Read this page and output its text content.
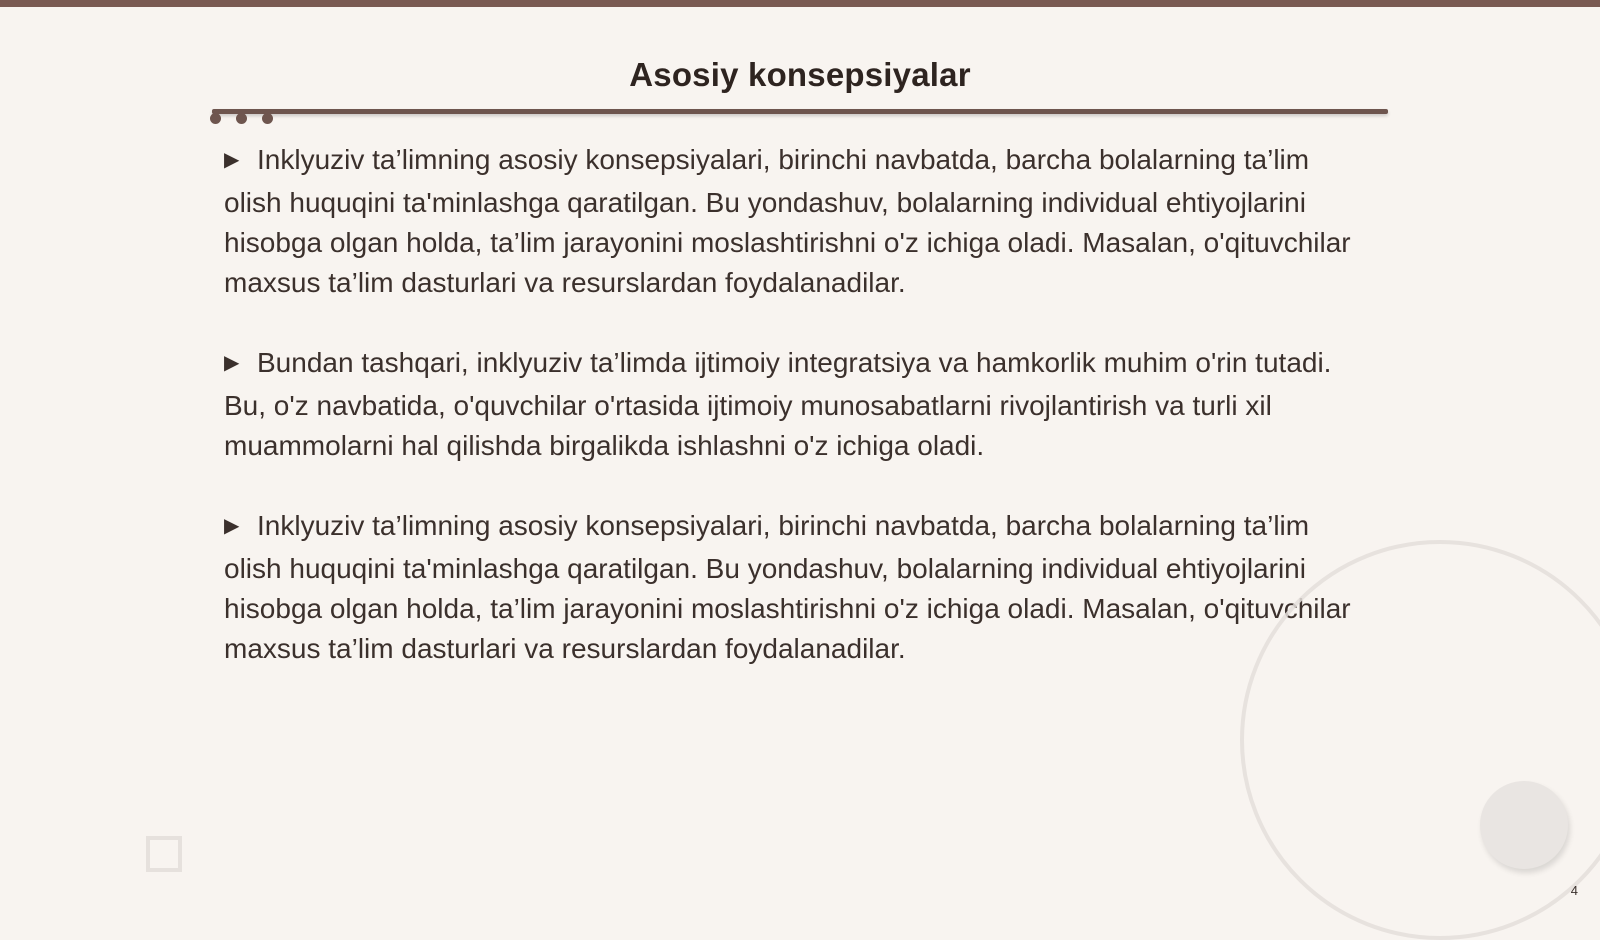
Asosiy konsepsiyalar

▶ Inklyuziv ta’limning asosiy konsepsiyalari, birinchi navbatda, barcha bolalarning ta’lim olish huquqini ta'minlashga qaratilgan. Bu yondashuv, bolalarning individual ehtiyojlarini hisobga olgan holda, ta’lim jarayonini moslashtirishni o'z ichiga oladi. Masalan, o'qituvchilar maxsus ta’lim dasturlari va resurslardan foydalanadilar.

▶ Bundan tashqari, inklyuziv ta’limda ijtimoiy integratsiya va hamkorlik muhim o'rin tutadi. Bu, o'z navbatida, o'quvchilar o'rtasida ijtimoiy munosabatlarni rivojlantirish va turli xil muammolarni hal qilishda birgalikda ishlashni o'z ichiga oladi.

▶ Inklyuziv ta’limning asosiy konsepsiyalari, birinchi navbatda, barcha bolalarning ta’lim olish huquqini ta'minlashga qaratilgan. Bu yondashuv, bolalarning individual ehtiyojlarini hisobga olgan holda, ta’lim jarayonini moslashtirishni o'z ichiga oladi. Masalan, o'qituvchilar maxsus ta’lim dasturlari va resurslardan foydalanadilar.

4
